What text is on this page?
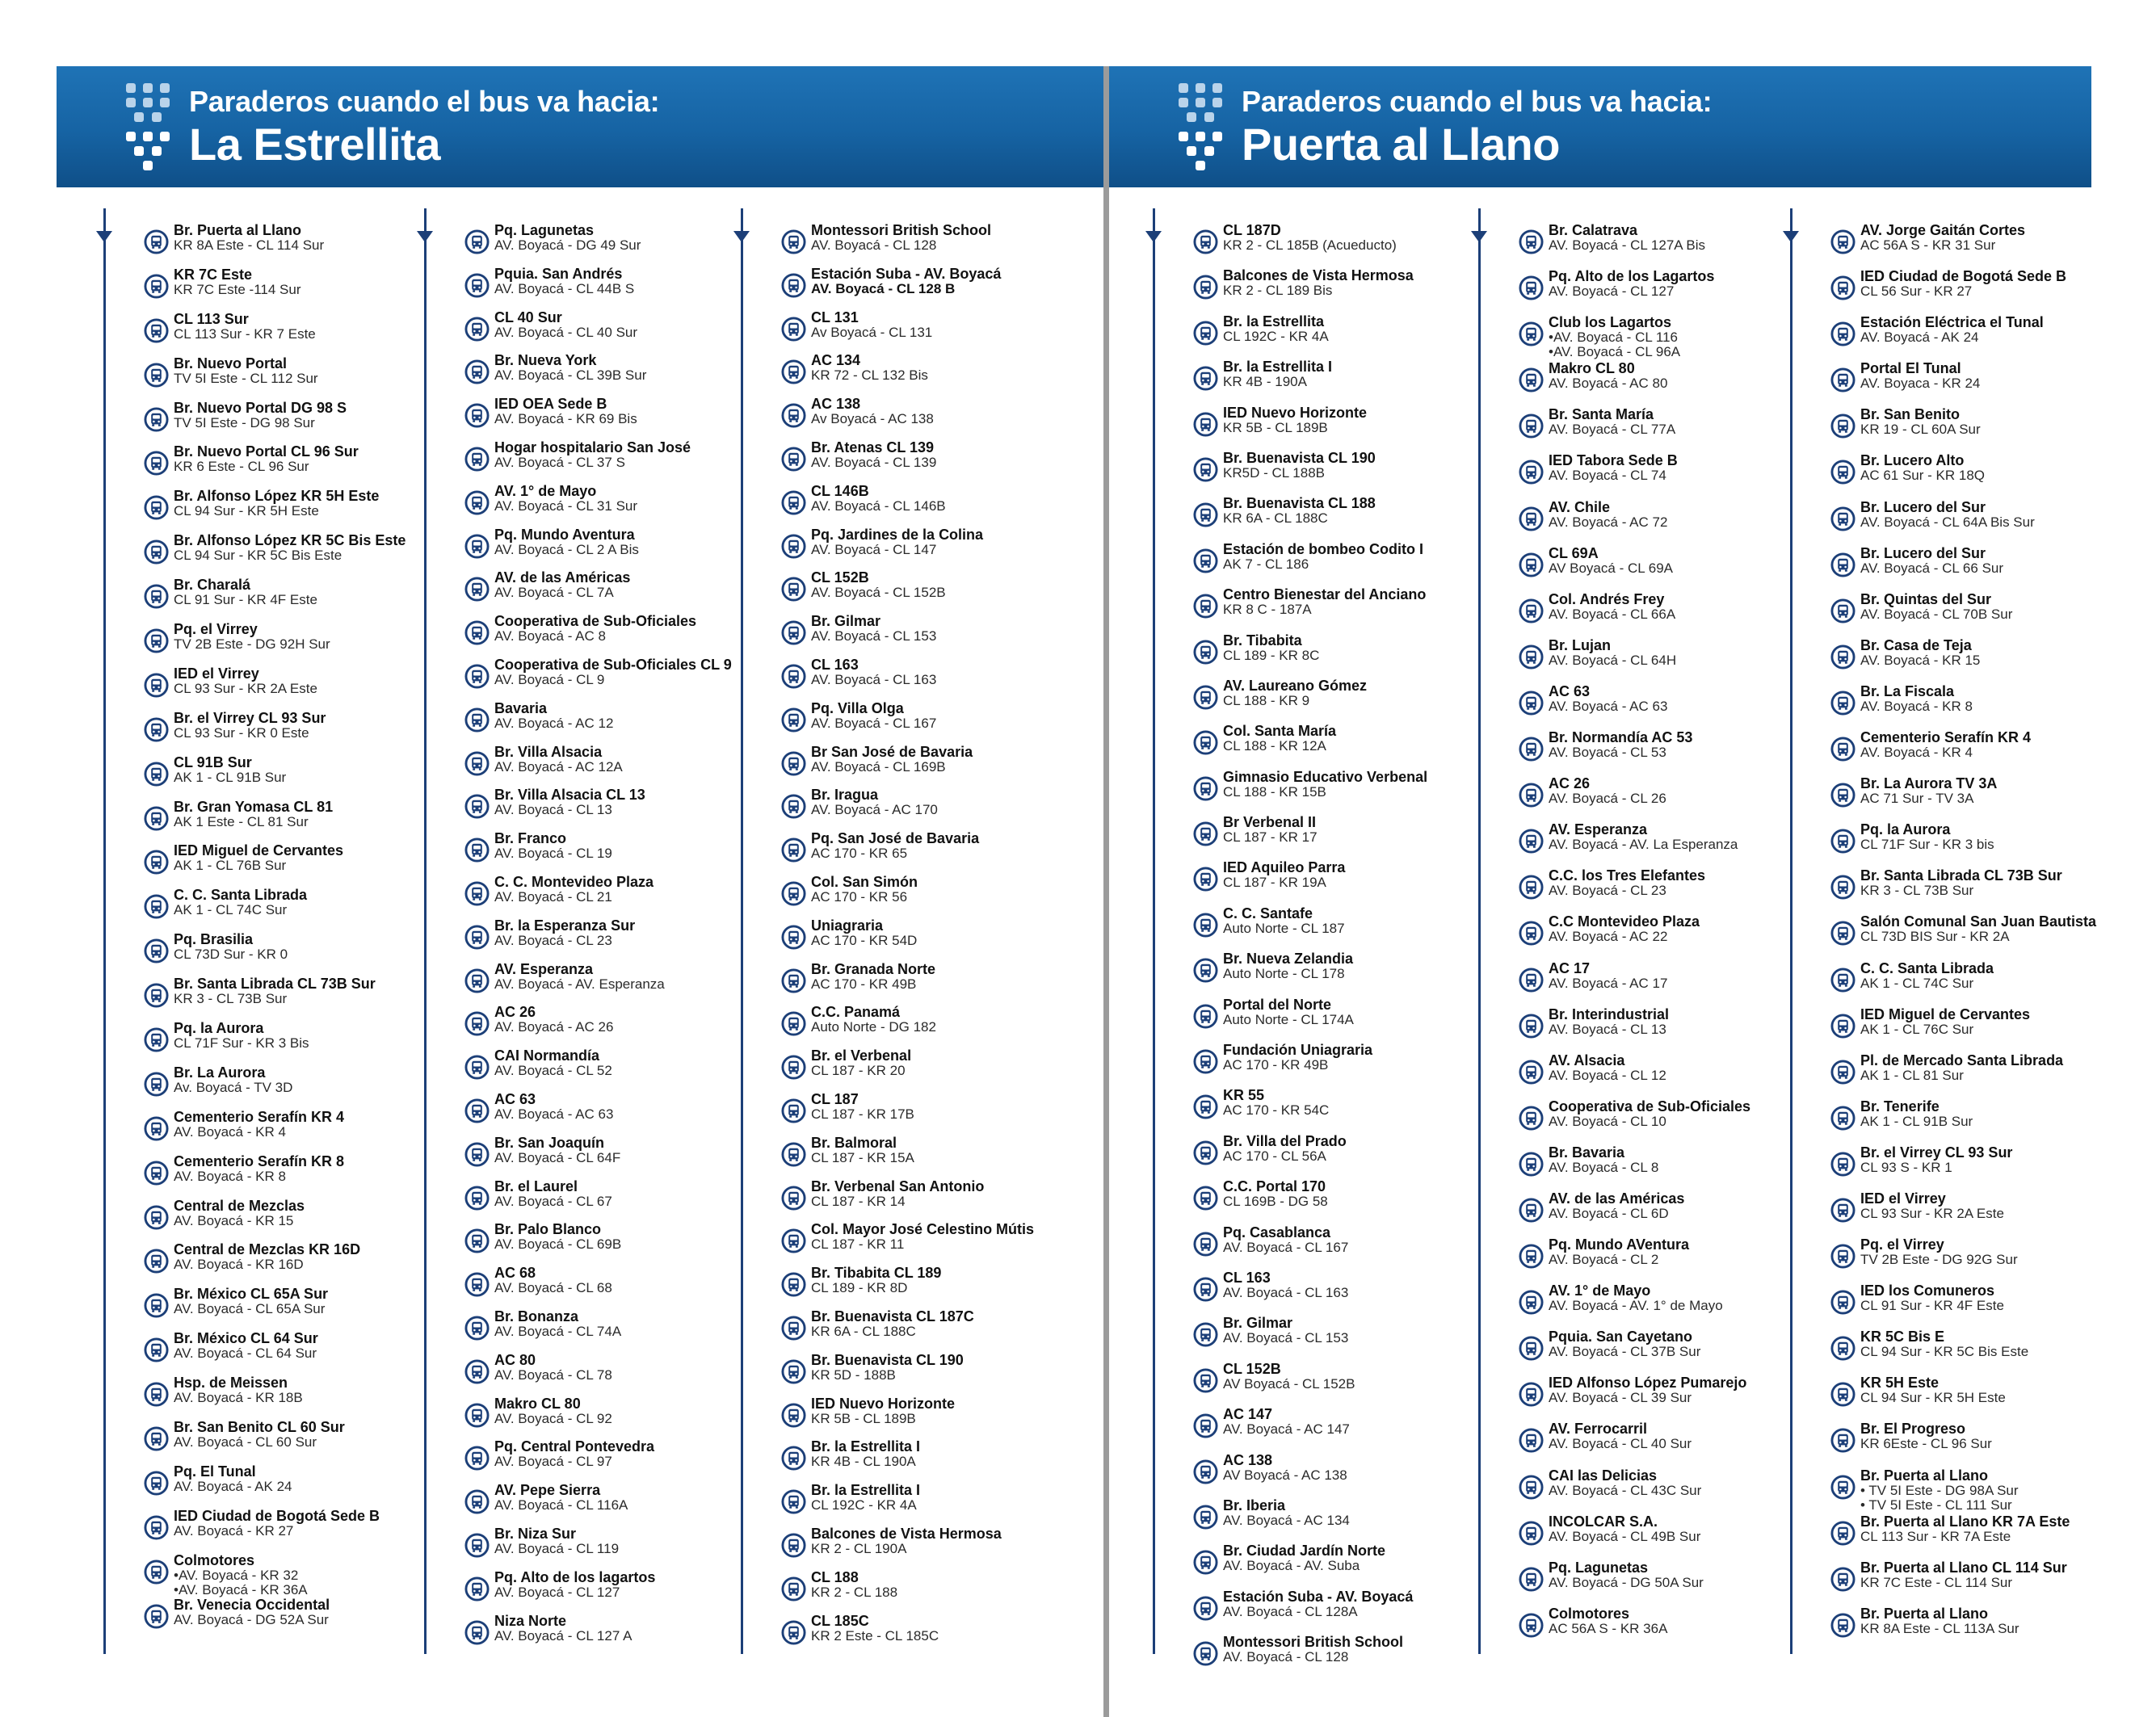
Paraderos cuando el bus va hacia:
La Estrellita
Paraderos cuando el bus va hacia:
Puerta al Llano
Br. Puerta al Llano
KR 8A Este - CL 114 Sur
KR 7C Este
KR 7C Este -114 Sur
CL 113 Sur
CL 113 Sur - KR 7 Este
Br. Nuevo Portal
TV 5I Este - CL 112 Sur
Br. Nuevo Portal DG 98 S
TV 5I Este - DG 98 Sur
Br. Nuevo Portal CL 96 Sur
KR 6 Este - CL 96 Sur
Br. Alfonso López KR 5H Este
CL 94 Sur - KR 5H Este
Br. Alfonso López KR 5C Bis Este
CL 94 Sur - KR 5C Bis Este
Br. Charalá
CL 91 Sur - KR 4F Este
Pq. el Virrey
TV 2B Este - DG 92H Sur
IED el Virrey
CL 93 Sur - KR 2A Este
Br. el Virrey CL 93 Sur
CL 93 Sur - KR 0 Este
CL 91B Sur
AK 1 - CL 91B Sur
Br. Gran Yomasa CL 81
AK 1 Este - CL 81 Sur
IED Miguel de Cervantes
AK 1 - CL 76B Sur
C. C. Santa Librada
AK 1 - CL 74C Sur
Pq. Brasilia
CL 73D Sur - KR 0
Br. Santa Librada CL 73B Sur
KR 3 - CL 73B Sur
Pq. la Aurora
CL 71F Sur - KR 3 Bis
Br. La Aurora
Av. Boyacá - TV 3D
Cementerio Serafín KR 4
AV. Boyacá - KR 4
Cementerio Serafín KR 8
AV. Boyacá - KR 8
Central de Mezclas
AV. Boyacá - KR 15
Central de Mezclas KR 16D
AV. Boyacá - KR 16D
Br. México CL 65A Sur
AV. Boyacá - CL 65A Sur
Br. México CL 64 Sur
AV. Boyacá - CL 64 Sur
Hsp. de Meissen
AV. Boyacá - KR 18B
Br. San Benito CL 60 Sur
AV. Boyacá - CL 60 Sur
Pq. El Tunal
AV. Boyacá - AK 24
IED Ciudad de Bogotá Sede B
AV. Boyacá - KR 27
Colmotores
•AV. Boyacá - KR 32
•AV. Boyacá - KR 36A
Br. Venecia Occidental
AV. Boyacá - DG 52A Sur
Pq. Lagunetas
AV. Boyacá - DG 49 Sur
Pquia. San Andrés
AV. Boyacá - CL 44B S
CL 40 Sur
AV. Boyacá - CL 40 Sur
Br. Nueva York
AV. Boyacá - CL 39B Sur
IED OEA Sede B
AV. Boyacá - KR 69 Bis
Hogar hospitalario San José
AV. Boyacá - CL 37 S
AV. 1° de Mayo
AV. Boyacá - CL 31 Sur
Pq. Mundo Aventura
AV. Boyacá - CL 2 A Bis
AV. de las Américas
AV. Boyacá - CL 7A
Cooperativa de Sub-Oficiales
AV. Boyacá - AC 8
Cooperativa de Sub-Oficiales CL 9
AV. Boyacá - CL 9
Bavaria
AV. Boyacá - AC 12
Br. Villa Alsacia
AV. Boyacá - AC 12A
Br. Villa Alsacia CL 13
AV. Boyacá - CL 13
Br. Franco
AV. Boyacá - CL 19
C. C. Montevideo Plaza
AV. Boyacá - CL 21
Br. la Esperanza Sur
AV. Boyacá - CL 23
AV. Esperanza
AV. Boyacá - AV. Esperanza
AC 26
AV. Boyacá - AC 26
CAI Normandía
AV. Boyacá - CL 52
AC 63
AV. Boyacá - AC 63
Br. San Joaquín
AV. Boyacá - CL 64F
Br. el Laurel
AV. Boyacá - CL 67
Br. Palo Blanco
AV. Boyacá - CL 69B
AC 68
AV. Boyacá - CL 68
Br. Bonanza
AV. Boyacá - CL 74A
AC 80
AV. Boyacá - CL 78
Makro CL 80
AV. Boyacá - CL 92
Pq. Central Pontevedra
AV. Boyacá - CL 97
AV. Pepe Sierra
AV. Boyacá - CL 116A
Br. Niza Sur
AV. Boyacá - CL 119
Pq. Alto de los lagartos
AV. Boyacá - CL 127
Niza Norte
AV. Boyacá - CL 127 A
Montessori British School
AV. Boyacá - CL 128
Estación Suba - AV. Boyacá
AV. Boyacá - CL 128 B
CL 131
Av Boyacá - CL 131
AC 134
KR 72 - CL 132 Bis
AC 138
Av Boyacá - AC 138
Br. Atenas CL 139
AV. Boyacá - CL 139
CL 146B
AV. Boyacá - CL 146B
Pq. Jardines de la Colina
AV. Boyacá - CL 147
CL 152B
AV. Boyacá - CL 152B
Br. Gilmar
AV. Boyacá - CL 153
CL 163
AV. Boyacá - CL 163
Pq. Villa Olga
AV. Boyacá - CL 167
Br San José de Bavaria
AV. Boyacá - CL 169B
Br. Iragua
AV. Boyacá - AC 170
Pq. San José de Bavaria
AC 170 - KR 65
Col. San Simón
AC 170 - KR 56
Uniagraria
AC 170 - KR 54D
Br. Granada Norte
AC 170 - KR 49B
C.C. Panamá
Auto Norte - DG 182
Br. el Verbenal
CL 187 - KR 20
CL 187
CL 187 - KR 17B
Br. Balmoral
CL 187 - KR 15A
Br. Verbenal San Antonio
CL 187 - KR 14
Col. Mayor José Celestino Mútis
CL 187 - KR 11
Br. Tibabita CL 189
CL 189 - KR 8D
Br. Buenavista CL 187C
KR 6A - CL 188C
Br. Buenavista CL 190
KR 5D - 188B
IED Nuevo Horizonte
KR 5B - CL 189B
Br. la Estrellita I
KR 4B - CL 190A
Br. la Estrellita I
CL 192C - KR 4A
Balcones de Vista Hermosa
KR 2 - CL 190A
CL 188
KR 2 - CL 188
CL 185C
KR 2 Este - CL 185C
CL 187D
KR 2 - CL 185B (Acueducto)
Balcones de Vista Hermosa
KR 2 - CL 189 Bis
Br. la Estrellita
CL 192C - KR 4A
Br. la Estrellita I
KR 4B - 190A
IED Nuevo Horizonte
KR 5B - CL 189B
Br. Buenavista CL 190
KR5D - CL 188B
Br. Buenavista CL 188
KR 6A - CL 188C
Estación de bombeo Codito I
AK 7 - CL 186
Centro Bienestar del Anciano
KR 8 C - 187A
Br. Tibabita
CL 189 - KR 8C
AV. Laureano Gómez
CL 188 - KR 9
Col. Santa María
CL 188 - KR 12A
Gimnasio Educativo Verbenal
CL 188 - KR 15B
Br Verbenal II
CL 187 - KR 17
IED Aquileo Parra
CL 187 - KR 19A
C. C. Santafe
Auto Norte - CL 187
Br. Nueva Zelandia
Auto Norte - CL 178
Portal del Norte
Auto Norte - CL 174A
Fundación Uniagraria
AC 170 - KR 49B
KR 55
AC 170 - KR 54C
Br. Villa del Prado
AC 170 - CL 56A
C.C. Portal 170
CL 169B - DG 58
Pq. Casablanca
AV. Boyacá - CL 167
CL 163
AV. Boyacá - CL 163
Br. Gilmar
AV. Boyacá - CL 153
CL 152B
AV Boyacá - CL 152B
AC 147
AV. Boyacá - AC 147
AC 138
AV Boyacá - AC 138
Br. Iberia
AV. Boyacá - AC 134
Br. Ciudad Jardín Norte
AV. Boyacá - AV. Suba
Estación Suba - AV. Boyacá
AV. Boyacá - CL 128A
Montessori British School
AV. Boyacá - CL 128
Br. Calatrava
AV. Boyacá - CL 127A Bis
Pq. Alto de los Lagartos
AV. Boyacá - CL 127
Club los Lagartos
•AV. Boyacá - CL 116
•AV. Boyacá - CL 96A
Makro CL 80
AV. Boyacá - AC 80
Br. Santa María
AV. Boyacá - CL 77A
IED Tabora Sede B
AV. Boyacá - CL 74
AV. Chile
AV. Boyacá - AC 72
CL 69A
AV Boyacá - CL 69A
Col. Andrés Frey
AV. Boyacá - CL 66A
Br. Lujan
AV. Boyacá - CL 64H
AC 63
AV. Boyacá - AC 63
Br. Normandía AC 53
AV. Boyacá - CL 53
AC 26
AV. Boyacá - CL 26
AV. Esperanza
AV. Boyacá - AV. La Esperanza
C.C. los Tres Elefantes
AV. Boyacá - CL 23
C.C Montevideo Plaza
AV. Boyacá - AC 22
AC 17
AV. Boyacá - AC 17
Br. Interindustrial
AV. Boyacá - CL 13
AV. Alsacia
AV. Boyacá - CL 12
Cooperativa de Sub-Oficiales
AV. Boyacá - CL 10
Br. Bavaria
AV. Boyacá - CL 8
AV. de las Américas
AV. Boyacá - CL 6D
Pq. Mundo AVentura
AV. Boyacá - CL 2
AV. 1° de Mayo
AV. Boyacá - AV. 1° de Mayo
Pquia. San Cayetano
AV. Boyacá - CL 37B Sur
IED Alfonso López Pumarejo
AV. Boyacá - CL 39 Sur
AV. Ferrocarril
AV. Boyacá - CL 40 Sur
CAI las Delicias
AV. Boyacá - CL 43C Sur
INCOLCAR S.A.
AV. Boyacá - CL 49B Sur
Pq. Lagunetas
AV. Boyacá - DG 50A Sur
Colmotores
AC 56A S - KR 36A
AV. Jorge Gaitán Cortes
AC 56A S - KR 31 Sur
IED Ciudad de Bogotá Sede B
CL 56 Sur - KR 27
Estación Eléctrica el Tunal
AV. Boyacá - AK 24
Portal El Tunal
AV. Boyaca - KR 24
Br. San Benito
KR 19 - CL 60A Sur
Br. Lucero Alto
AC 61 Sur - KR 18Q
Br. Lucero del Sur
AV. Boyacá - CL 64A Bis Sur
Br. Lucero del Sur
AV. Boyacá - CL 66 Sur
Br. Quintas del Sur
AV. Boyacá - CL 70B Sur
Br. Casa de Teja
AV. Boyacá - KR 15
Br. La Fiscala
AV. Boyacá - KR 8
Cementerio Serafín KR 4
AV. Boyacá - KR 4
Br. La Aurora TV 3A
AC 71 Sur - TV 3A
Pq. la Aurora
CL 71F Sur - KR 3 bis
Br. Santa Librada CL 73B Sur
KR 3 - CL 73B Sur
Salón Comunal San Juan Bautista
CL 73D BIS Sur - KR 2A
C. C. Santa Librada
AK 1 - CL 74C Sur
IED Miguel de Cervantes
AK 1 - CL 76C Sur
Pl. de Mercado Santa Librada
AK 1 - CL 81 Sur
Br. Tenerife
AK 1 - CL 91B Sur
Br. el Virrey CL 93 Sur
CL 93 S - KR 1
IED el Virrey
CL 93 Sur - KR 2A Este
Pq. el Virrey
TV 2B Este - DG 92G Sur
IED los Comuneros
CL 91 Sur - KR 4F Este
KR 5C Bis E
CL 94 Sur - KR 5C Bis Este
KR 5H Este
CL 94 Sur - KR 5H Este
Br. El Progreso
KR 6Este - CL 96 Sur
Br. Puerta al Llano
• TV 5I Este - DG 98A Sur
• TV 5I Este - CL 111 Sur
Br. Puerta al Llano KR 7A Este
CL 113 Sur - KR 7A Este
Br. Puerta al Llano CL 114 Sur
KR 7C Este - CL 114 Sur
Br. Puerta al Llano
KR 8A Este - CL 113A Sur
